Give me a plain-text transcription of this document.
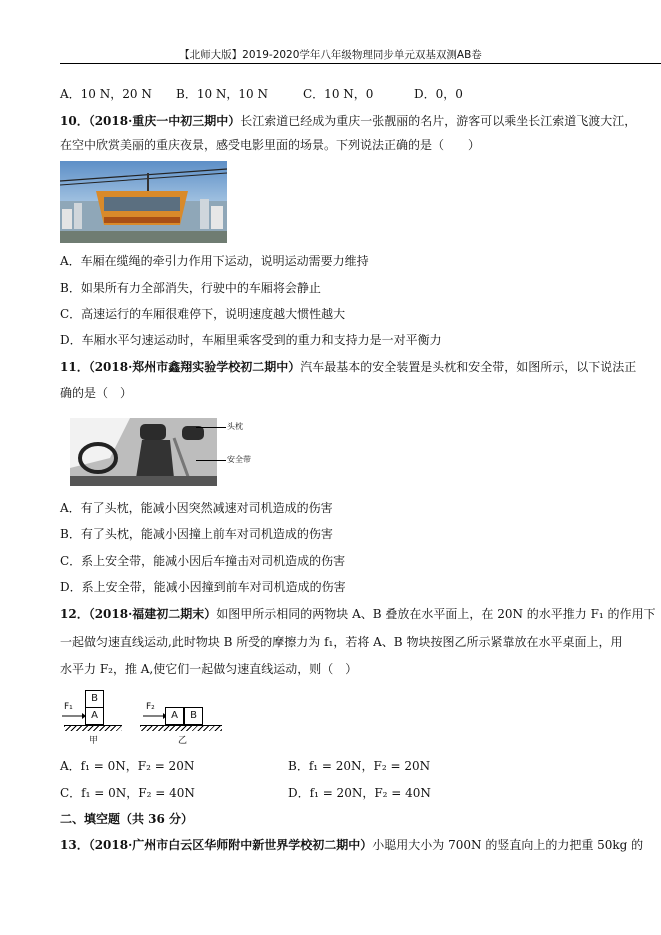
【北师大版】2019-2020学年八年级物理同步单元双基双测AB卷
A．10 N，20 N B．10 N，10 N	C．10 N，0	D．0，0
10．（2018·重庆一中初三期中）长江索道已经成为重庆一张靓丽的名片，游客可以乘坐长江索道飞渡大江，
在空中欣赏美丽的重庆夜景，感受电影里面的场景。下列说法正确的是（　　）
A．车厢在缆绳的牵引力作用下运动，说明运动需要力维持
B．如果所有力全部消失，行驶中的车厢将会静止
C．高速运行的车厢很难停下，说明速度越大惯性越大
D．车厢水平匀速运动时，车厢里乘客受到的重力和支持力是一对平衡力
11．（2018·郑州市鑫翔实验学校初二期中）汽车最基本的安全装置是头枕和安全带，如图所示，以下说法正
确的是（　）
头枕
安全带
A．有了头枕，能减小因突然减速对司机造成的伤害
B．有了头枕，能减小因撞上前车对司机造成的伤害
C．系上安全带，能减小因后车撞击对司机造成的伤害
D．系上安全带，能减小因撞到前车对司机造成的伤害
12．（2018·福建初二期末）如图甲所示相同的两物块 A、B 叠放在水平面上，在 20N 的水平推力 F₁ 的作用下
一起做匀速直线运动,此时物块 B 所受的摩擦力为 f₁，若将 A、B 物块按图乙所示紧靠放在水平桌面上，用
水平力 F₂，推 A,使它们一起做匀速直线运动，则（　）
F₁
B
A
甲
F₂
A	B
乙
A．f₁ = 0N，F₂ = 20N	B．f₁ = 20N，F₂ = 20N
C．f₁ = 0N，F₂ = 40N	D．f₁ = 20N，F₂ = 40N
二、填空题（共 36 分）
13．（2018·广州市白云区华师附中新世界学校初二期中）小聪用大小为 700N 的竖直向上的力把重 50kg 的
